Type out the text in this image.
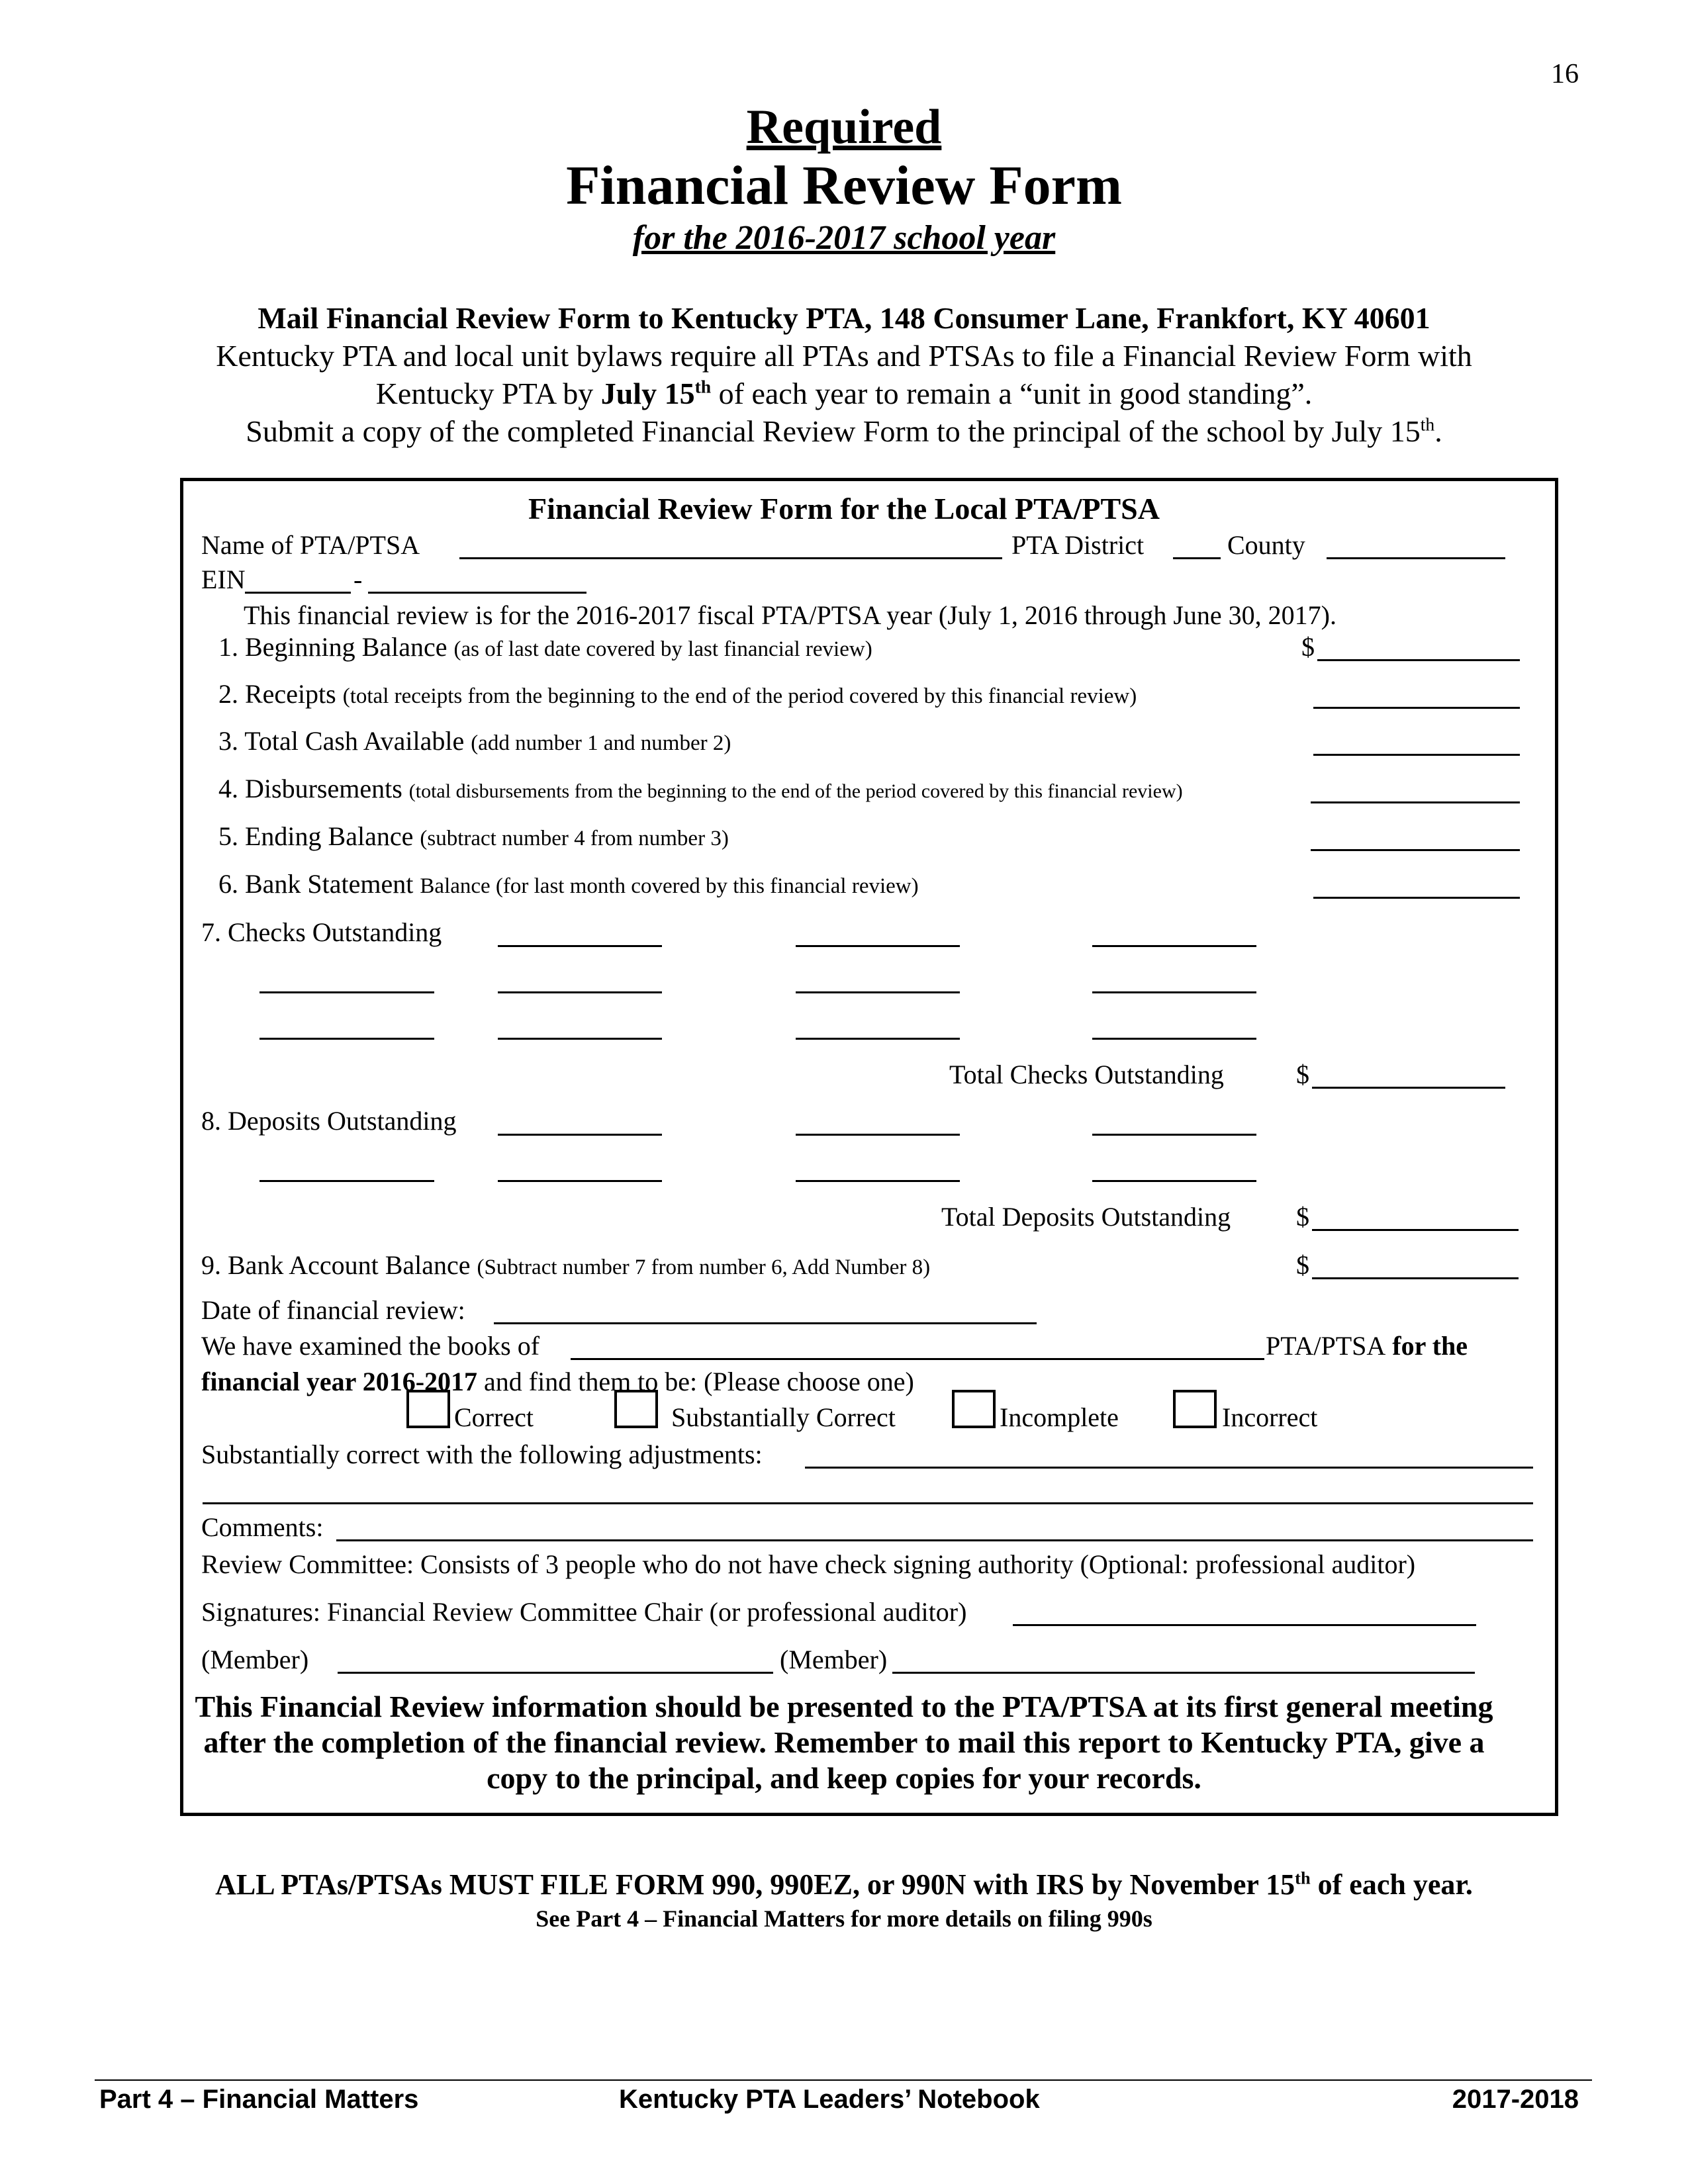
16
Required
Financial Review Form
for the 2016-2017 school year
Mail Financial Review Form to Kentucky PTA, 148 Consumer Lane, Frankfort, KY 40601
Kentucky PTA and local unit bylaws require all PTAs and PTSAs to file a Financial Review Form with
Kentucky PTA by July 15th of each year to remain a “unit in good standing”.
Submit a copy of the completed Financial Review Form to the principal of the school by July 15th.
Financial Review Form for the Local PTA/PTSA
Name of PTA/PTSA	PTA District	County
EIN	-
This financial review is for the 2016-2017 fiscal PTA/PTSA year (July 1, 2016 through June 30, 2017).
1. Beginning Balance (as of last date covered by last financial review)	$
2. Receipts (total receipts from the beginning to the end of the period covered by this financial review)
3. Total Cash Available (add number 1 and number 2)
4. Disbursements (total disbursements from the beginning to the end of the period covered by this financial review)
5. Ending Balance (subtract number 4 from number 3)
6. Bank Statement Balance (for last month covered by this financial review)
7. Checks Outstanding
Total Checks Outstanding	$
8. Deposits Outstanding
Total Deposits Outstanding $
9. Bank Account Balance (Subtract number 7 from number 6, Add Number 8)	$
Date of financial review:
We have examined the books of	PTA/PTSA for the
financial year 2016-2017 and find them to be: (Please choose one)
Correct	Substantially Correct	Incomplete	Incorrect
Substantially correct with the following adjustments:
Comments:
Review Committee: Consists of 3 people who do not have check signing authority (Optional: professional auditor)
Signatures: Financial Review Committee Chair (or professional auditor)
(Member)	(Member)
This Financial Review information should be presented to the PTA/PTSA at its first general meeting
after the completion of the financial review. Remember to mail this report to Kentucky PTA, give a
copy to the principal, and keep copies for your records.
ALL PTAs/PTSAs MUST FILE FORM 990, 990EZ, or 990N with IRS by November 15th of each year.
See Part 4 – Financial Matters for more details on filing 990s
Part 4 – Financial Matters	Kentucky PTA Leaders’ Notebook	2017-2018
